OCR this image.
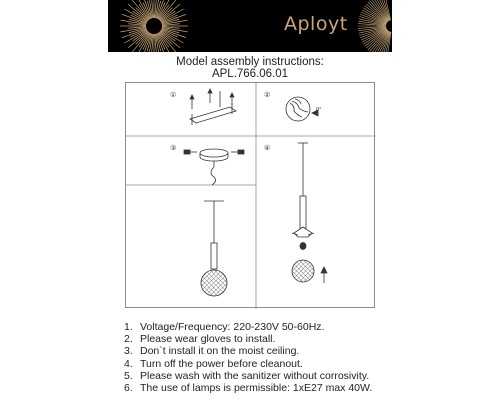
Aployt
Model assembly instructions:
APL.766.06.01
①	②
③	④
0°
1. Voltage/Frequency: 220-230V 50-60Hz.
2. Please wear gloves to install.
3. Don`t install it on the moist ceiling.
4. Turn off the power before cleanout.
5. Please wash with the sanitizer without corrosivity.
6. The use of lamps is permissible: 1xE27 max 40W.
